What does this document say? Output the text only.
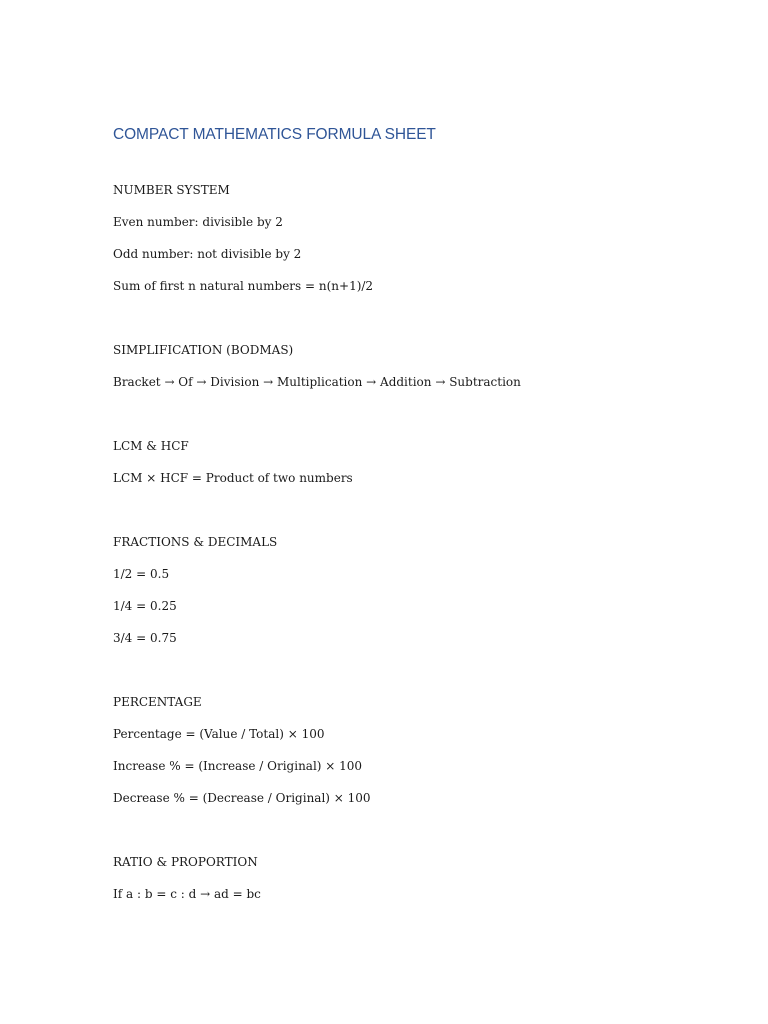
COMPACT MATHEMATICS FORMULA SHEET
NUMBER SYSTEM
Even number: divisible by 2
Odd number: not divisible by 2
Sum of first n natural numbers = n(n+1)/2
SIMPLIFICATION (BODMAS)
Bracket → Of → Division → Multiplication → Addition → Subtraction
LCM & HCF
LCM × HCF = Product of two numbers
FRACTIONS & DECIMALS
1/2 = 0.5
1/4 = 0.25
3/4 = 0.75
PERCENTAGE
Percentage = (Value / Total) × 100
Increase % = (Increase / Original) × 100
Decrease % = (Decrease / Original) × 100
RATIO & PROPORTION
If a : b = c : d → ad = bc
